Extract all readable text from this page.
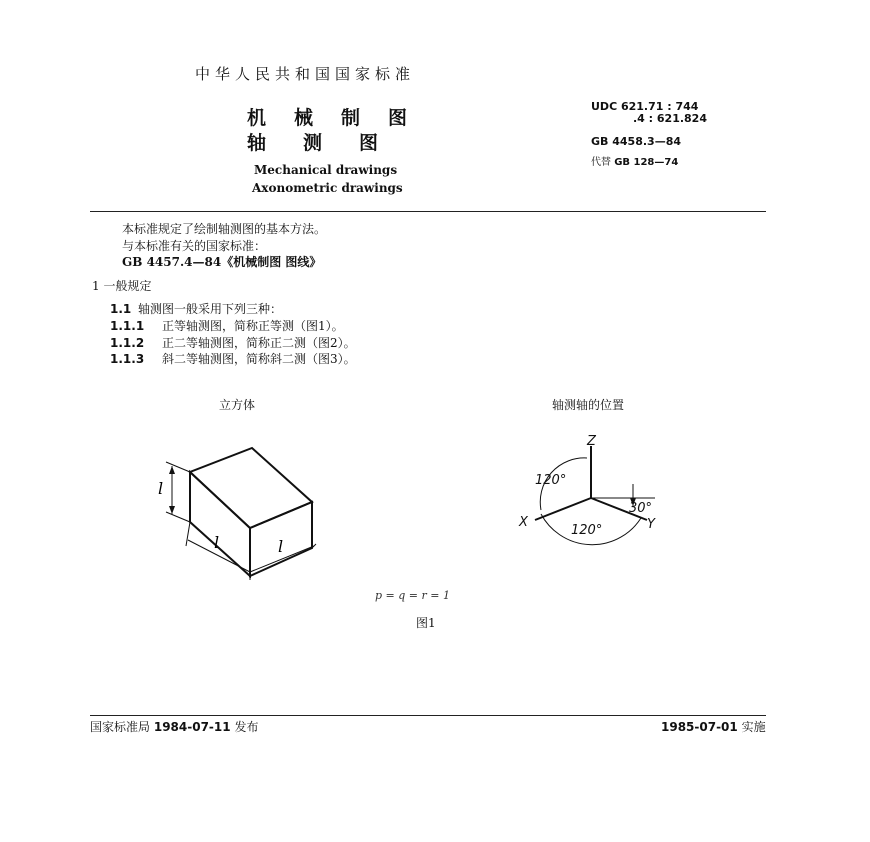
中华人民共和国国家标准
机械制图
轴测图
Mechanical drawings
Axonometric drawings
UDC 621.71 : 744
.4 : 621.824
GB 4458.3—84
代替 GB 128—74
本标准规定了绘制轴测图的基本方法。
与本标准有关的国家标准：
GB 4457.4—84《机械制图 图线》
1 一般规定
1.1 轴测图一般采用下列三种：
1.1.1 正等轴测图，简称正等测（图1）。
1.1.2 正二等轴测图，简称正二测（图2）。
1.1.3 斜二等轴测图，简称斜二测（图3）。
立方体	轴测轴的位置
l
l	l
Z
X	Y
120°
120°
30°
p = q = r = 1
图1
国家标准局 1984-07-11 发布	1985-07-01 实施
